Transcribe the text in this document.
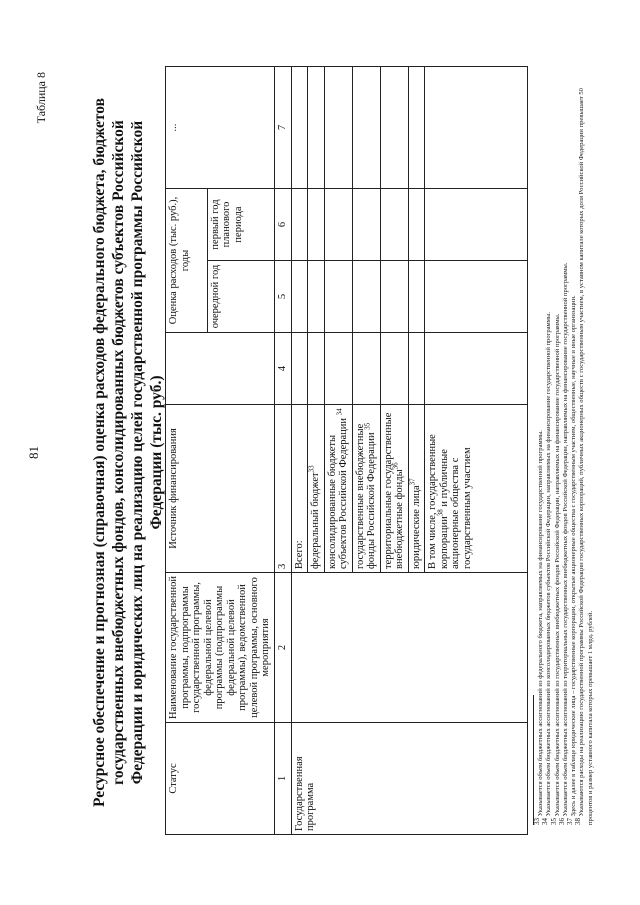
81
Таблица 8
Ресурсное обеспечение и прогнозная (справочная) оценка расходов федерального бюджета, бюджетов государственных внебюджетных фондов, консолидированных бюджетов субъектов Российской Федерации и юридических лиц на реализацию целей государственной программы Российской Федерации (тыс. руб.)
Статус	Наименование государственной программы, подпрограммы государственной программы, федеральной целевой программы (подпрограммы федеральной целевой программы), ведомственной целевой программы, основного мероприятия	Источник финансирования		Оценка расходов (тыс. руб.), годы		...
				очередной год	первый год планового периода	
1	2	3	4	5	6	7
Государственная программа		Всего:				
		федеральный бюджет$^{33}$				
		консолидированные бюджеты субъектов Российской Федерации $^{34}$				
		государственные внебюджетные фонды Российской Федерации $^{35}$				
		территориальные государственные внебюджетные фонды$^{36}$				
		юридические лица$^{37}$				
		В том числе, государственные корпорации$^{38}$ и публичные акционерные общества с государственным участием				
33 Указывается объем бюджетных ассигнований из федерального бюджета, направляемых на финансирование государственной программы.
34 Указывается объем бюджетных ассигнований из консолидированных бюджетов субъектов Российской Федерации, направляемых на финансирование государственной программы.
35 Указывается объем бюджетных ассигнований из государственных внебюджетных фондов Российской Федерации, направляемых на финансирование государственной программы.
36 Указывается объем бюджетных ассигнований из территориальных государственных внебюджетных фондов Российской Федерации, направляемых на финансирование государственной программы.
37 Здесь и далее в таблице юридические лица – государственные корпорации, открытые акционерные общества с государственным участием, общественные, научные и иные организации.
38 Указываются расходы на реализацию государственной программы Российской Федерации государственных корпораций, публичных акционерных обществ с государственным участием, в уставном капитале которых доля Российской Федерации превышает 50 процентов и размер уставного капитала которых превышает 1 млрд. рублей.
